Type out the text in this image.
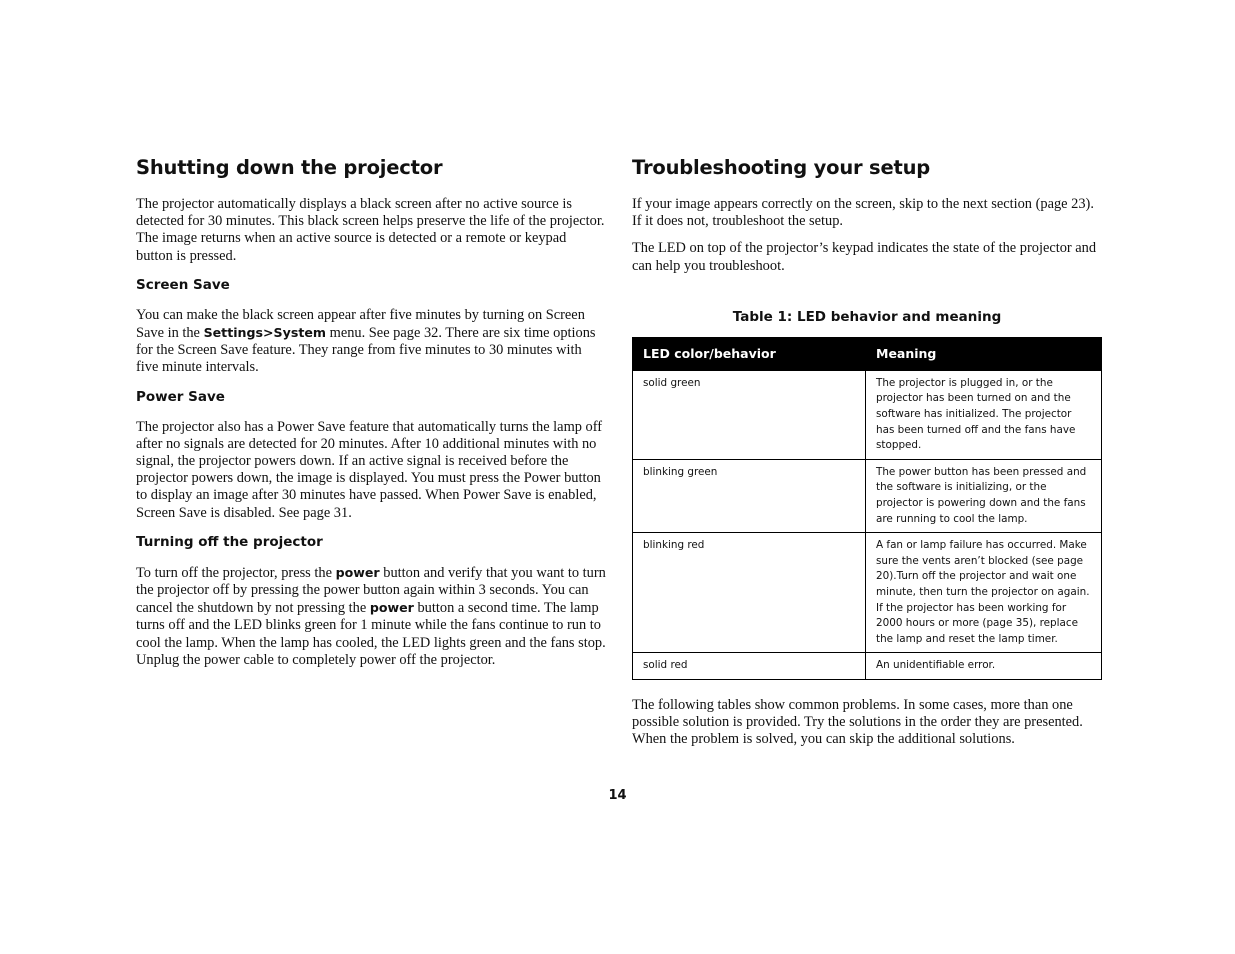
Shutting down the projector

The projector automatically displays a black screen after no active source is detected for 30 minutes. This black screen helps preserve the life of the projector. The image returns when an active source is detected or a remote or keypad button is pressed.

Screen Save

You can make the black screen appear after five minutes by turning on Screen Save in the Settings>System menu. See page 32. There are six time options for the Screen Save feature. They range from five minutes to 30 minutes with five minute intervals.

Power Save

The projector also has a Power Save feature that automatically turns the lamp off after no signals are detected for 20 minutes. After 10 additional minutes with no signal, the projector powers down. If an active signal is received before the projector powers down, the image is displayed. You must press the Power button to display an image after 30 minutes have passed. When Power Save is enabled, Screen Save is disabled. See page 31.

Turning off the projector

To turn off the projector, press the power button and verify that you want to turn the projector off by pressing the power button again within 3 seconds. You can cancel the shutdown by not pressing the power button a second time. The lamp turns off and the LED blinks green for 1 minute while the fans continue to run to cool the lamp. When the lamp has cooled, the LED lights green and the fans stop. Unplug the power cable to completely power off the projector.

Troubleshooting your setup

If your image appears correctly on the screen, skip to the next section (page 23). If it does not, troubleshoot the setup.

The LED on top of the projector’s keypad indicates the state of the projector and can help you troubleshoot.

Table 1: LED behavior and meaning
LED color/behavior	Meaning
solid green	The projector is plugged in, or the projector has been turned on and the software has initialized. The projector has been turned off and the fans have stopped.
blinking green	The power button has been pressed and the software is initializing, or the projector is powering down and the fans are running to cool the lamp.
blinking red	A fan or lamp failure has occurred. Make sure the vents aren’t blocked (see page 20).Turn off the projector and wait one minute, then turn the projector on again. If the projector has been working for 2000 hours or more (page 35), replace the lamp and reset the lamp timer.
solid red	An unidentifiable error.

The following tables show common problems. In some cases, more than one possible solution is provided. Try the solutions in the order they are presented. When the problem is solved, you can skip the additional solutions.

14
